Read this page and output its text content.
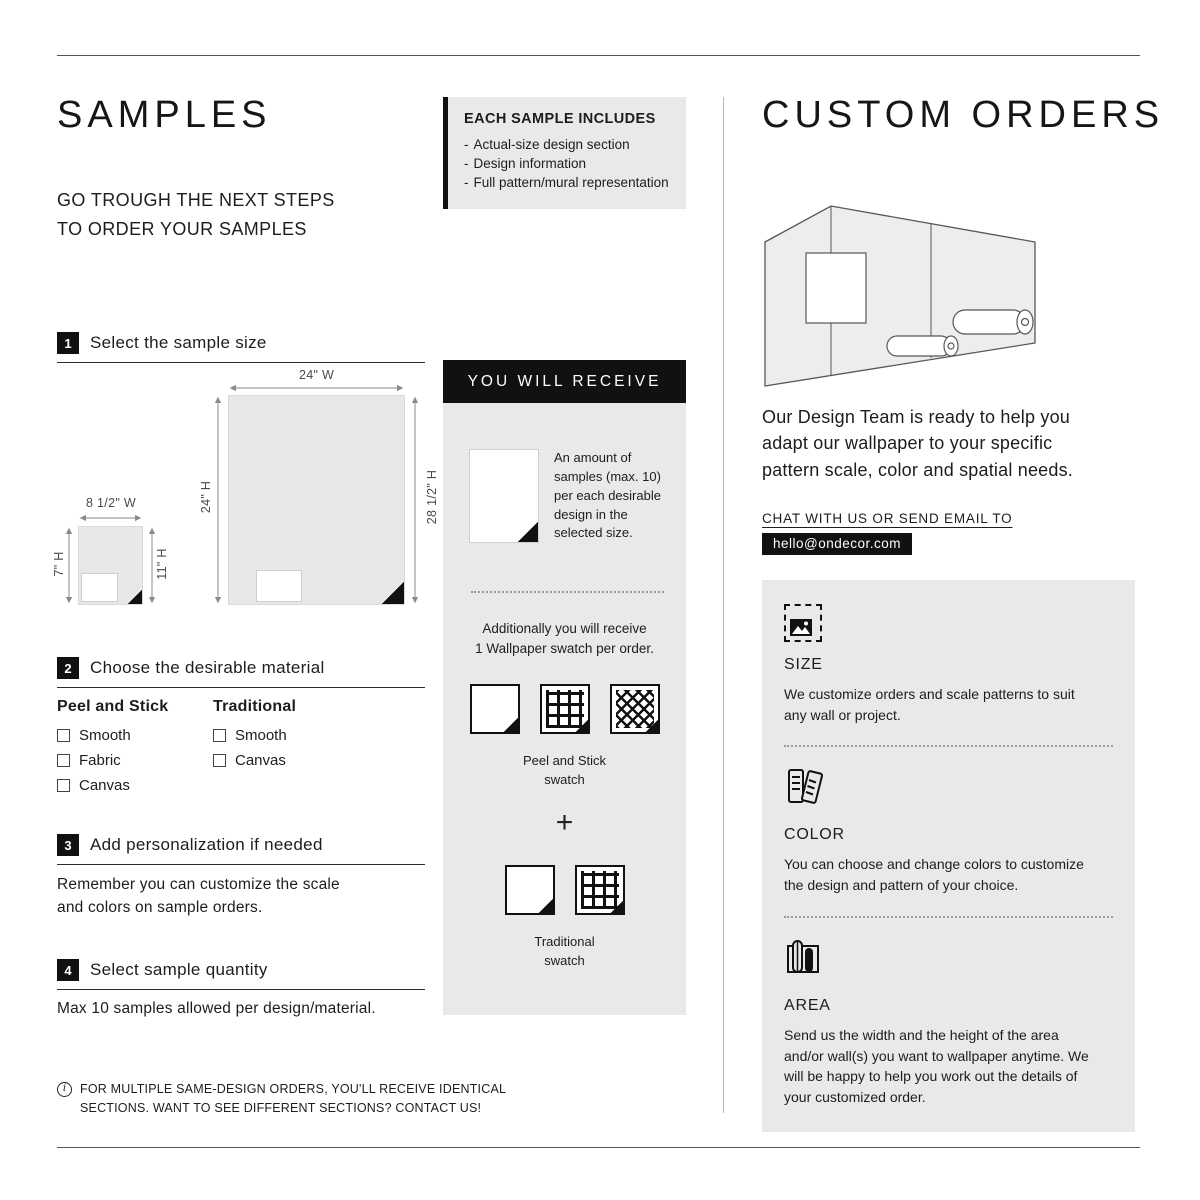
SAMPLES
GO TROUGH THE NEXT STEPS
TO ORDER YOUR SAMPLES
EACH SAMPLE INCLUDES
- Actual-size design section
- Design information
- Full pattern/mural representation
1	Select the sample size
24" W
24" H	28 1/2" H
8 1/2" W
7" H	11" H
2	Choose the desirable material
Peel and Stick
Smooth
Fabric
Canvas
Traditional
Smooth
Canvas
3	Add personalization if needed
Remember you can customize the scale
and colors on sample orders.
4	Select sample quantity
Max 10 samples allowed per design/material.
i
FOR MULTIPLE SAME-DESIGN ORDERS, YOU'LL RECEIVE IDENTICAL
SECTIONS. WANT TO SEE DIFFERENT SECTIONS? CONTACT US!
YOU WILL RECEIVE
An amount of samples (max. 10) per each desirable design in the selected size.
Additionally you will receive
1 Wallpaper swatch per order.
Peel and Stick
swatch
+
Traditional
swatch
CUSTOM ORDERS
Our Design Team is ready to help you adapt our wallpaper to your specific pattern scale, color and spatial needs.
CHAT WITH US OR SEND EMAIL TO
hello@ondecor.com
SIZE
We customize orders and scale patterns to suit any wall or project.
COLOR
You can choose and change colors to customize the design and pattern of your choice.
AREA
Send us the width and the height of the area and/or wall(s) you want to wallpaper anytime. We will be happy to help you work out the details of your customized order.
